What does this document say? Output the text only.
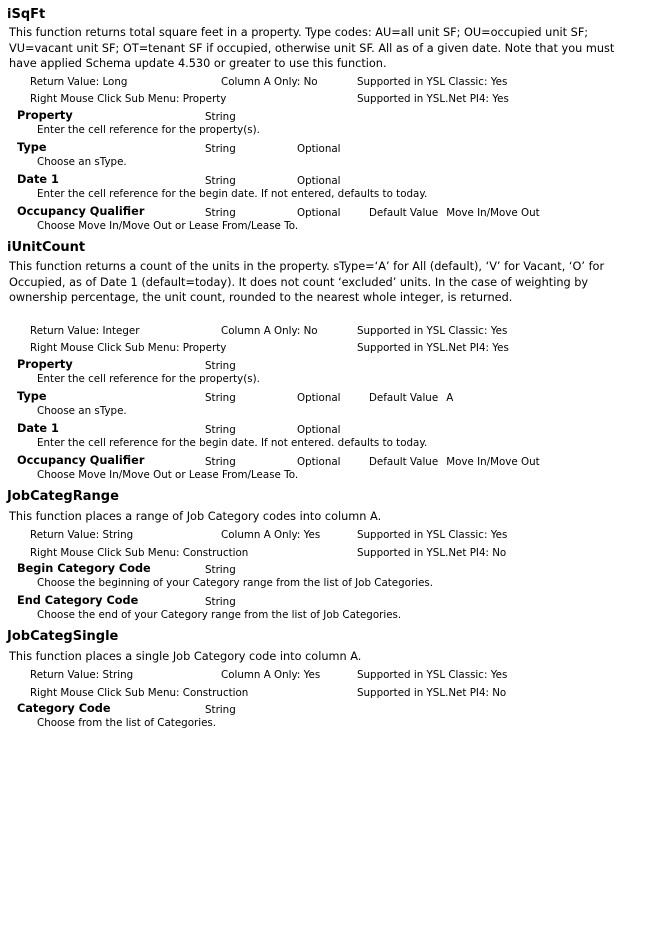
iSqFt
This function returns total square feet in a property. Type codes: AU=all unit SF; OU=occupied unit SF; VU=vacant unit SF; OT=tenant SF if occupied, otherwise unit SF. All as of a given date. Note that you must have applied Schema update 4.530 or greater to use this function.
Return Value: Long	Column A Only: No	Supported in YSL Classic: Yes
Right Mouse Click Sub Menu: Property	Supported in YSL.Net PI4: Yes
Property	String
Enter the cell reference for the property(s).
Type	String	Optional
Choose an sType.
Date 1	String	Optional
Enter the cell reference for the begin date. If not entered, defaults to today.
Occupancy Qualifier	String	Optional	Default Value Move In/Move Out
Choose Move In/Move Out or Lease From/Lease To.
iUnitCount
This function returns a count of the units in the property. sType=‘A’ for All (default), ‘V’ for Vacant, ‘O’ for Occupied, as of Date 1 (default=today). It does not count ‘excluded’ units. In the case of weighting by ownership percentage, the unit count, rounded to the nearest whole integer, is returned.
Return Value: Integer	Column A Only: No	Supported in YSL Classic: Yes
Right Mouse Click Sub Menu: Property	Supported in YSL.Net PI4: Yes
Property	String
Enter the cell reference for the property(s).
Type	String	Optional	Default Value A
Choose an sType.
Date 1	String	Optional
Enter the cell reference for the begin date. If not entered. defaults to today.
Occupancy Qualifier	String	Optional	Default Value Move In/Move Out
Choose Move In/Move Out or Lease From/Lease To.
JobCategRange
This function places a range of Job Category codes into column A.
Return Value: String	Column A Only: Yes	Supported in YSL Classic: Yes
Right Mouse Click Sub Menu: Construction	Supported in YSL.Net PI4: No
Begin Category Code	String
Choose the beginning of your Category range from the list of Job Categories.
End Category Code	String
Choose the end of your Category range from the list of Job Categories.
JobCategSingle
This function places a single Job Category code into column A.
Return Value: String	Column A Only: Yes	Supported in YSL Classic: Yes
Right Mouse Click Sub Menu: Construction	Supported in YSL.Net PI4: No
Category Code	String
Choose from the list of Categories.
